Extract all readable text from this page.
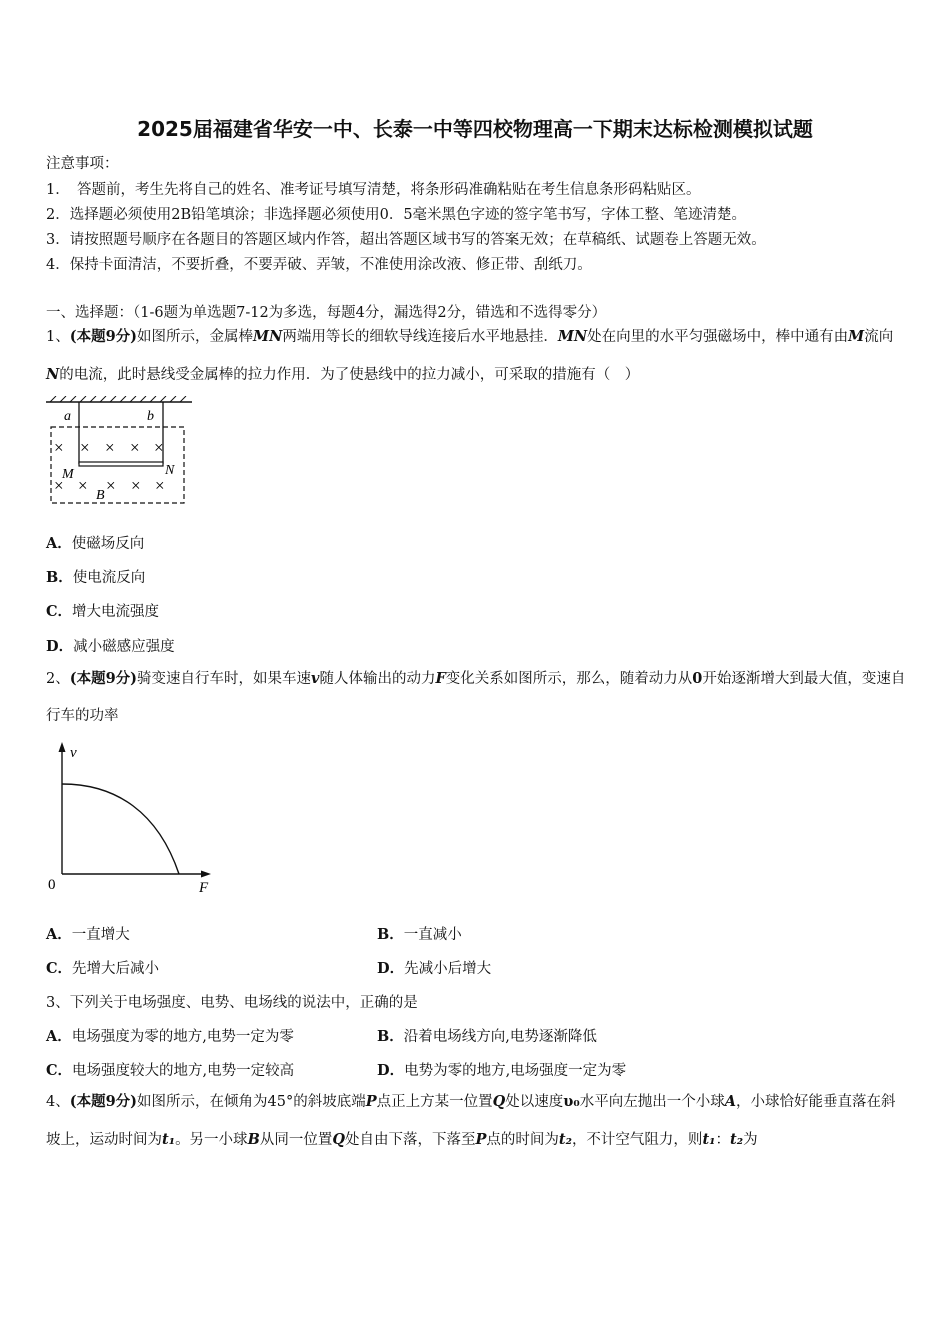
2025届福建省华安一中、长泰一中等四校物理高一下期末达标检测模拟试题
注意事项：
1．　答题前，考生先将自己的姓名、准考证号填写清楚，将条形码准确粘贴在考生信息条形码粘贴区。
2．选择题必须使用2B铅笔填涂；非选择题必须使用0．5毫米黑色字迹的签字笔书写，字体工整、笔迹清楚。
3．请按照题号顺序在各题目的答题区域内作答，超出答题区域书写的答案无效；在草稿纸、试题卷上答题无效。
4．保持卡面清洁，不要折叠，不要弄破、弄皱，不准使用涂改液、修正带、刮纸刀。
一、选择题：（1-6题为单选题7-12为多选，每题4分，漏选得2分，错选和不选得零分）
1、(本题9分)如图所示，金属棒MN两端用等长的细软导线连接后水平地悬挂．MN处在向里的水平匀强磁场中，棒中通有由M流向N的电流，此时悬线受金属棒的拉力作用．为了使悬线中的拉力减小，可采取的措施有（　）
a	b
M	N
B
× × × × ×
× × × × ×
A．使磁场反向
B．使电流反向
C．增大电流强度
D．减小磁感应强度
2、(本题9分)骑变速自行车时，如果车速v随人体输出的动力F变化关系如图所示，那么，随着动力从0开始逐渐增大到最大值，变速自行车的功率
v
F
0
A．一直增大	B．一直减小
C．先增大后减小	D．先减小后增大
3、下列关于电场强度、电势、电场线的说法中，正确的是
A．电场强度为零的地方,电势一定为零	B．沿着电场线方向,电势逐渐降低
C．电场强度较大的地方,电势一定较高	D．电势为零的地方,电场强度一定为零
4、(本题9分)如图所示，在倾角为45°的斜坡底端P点正上方某一位置Q处以速度υ₀水平向左抛出一个小球A，小球恰好能垂直落在斜坡上，运动时间为t₁。另一小球B从同一位置Q处自由下落，下落至P点的时间为t₂，不计空气阻力，则t₁：t₂为
